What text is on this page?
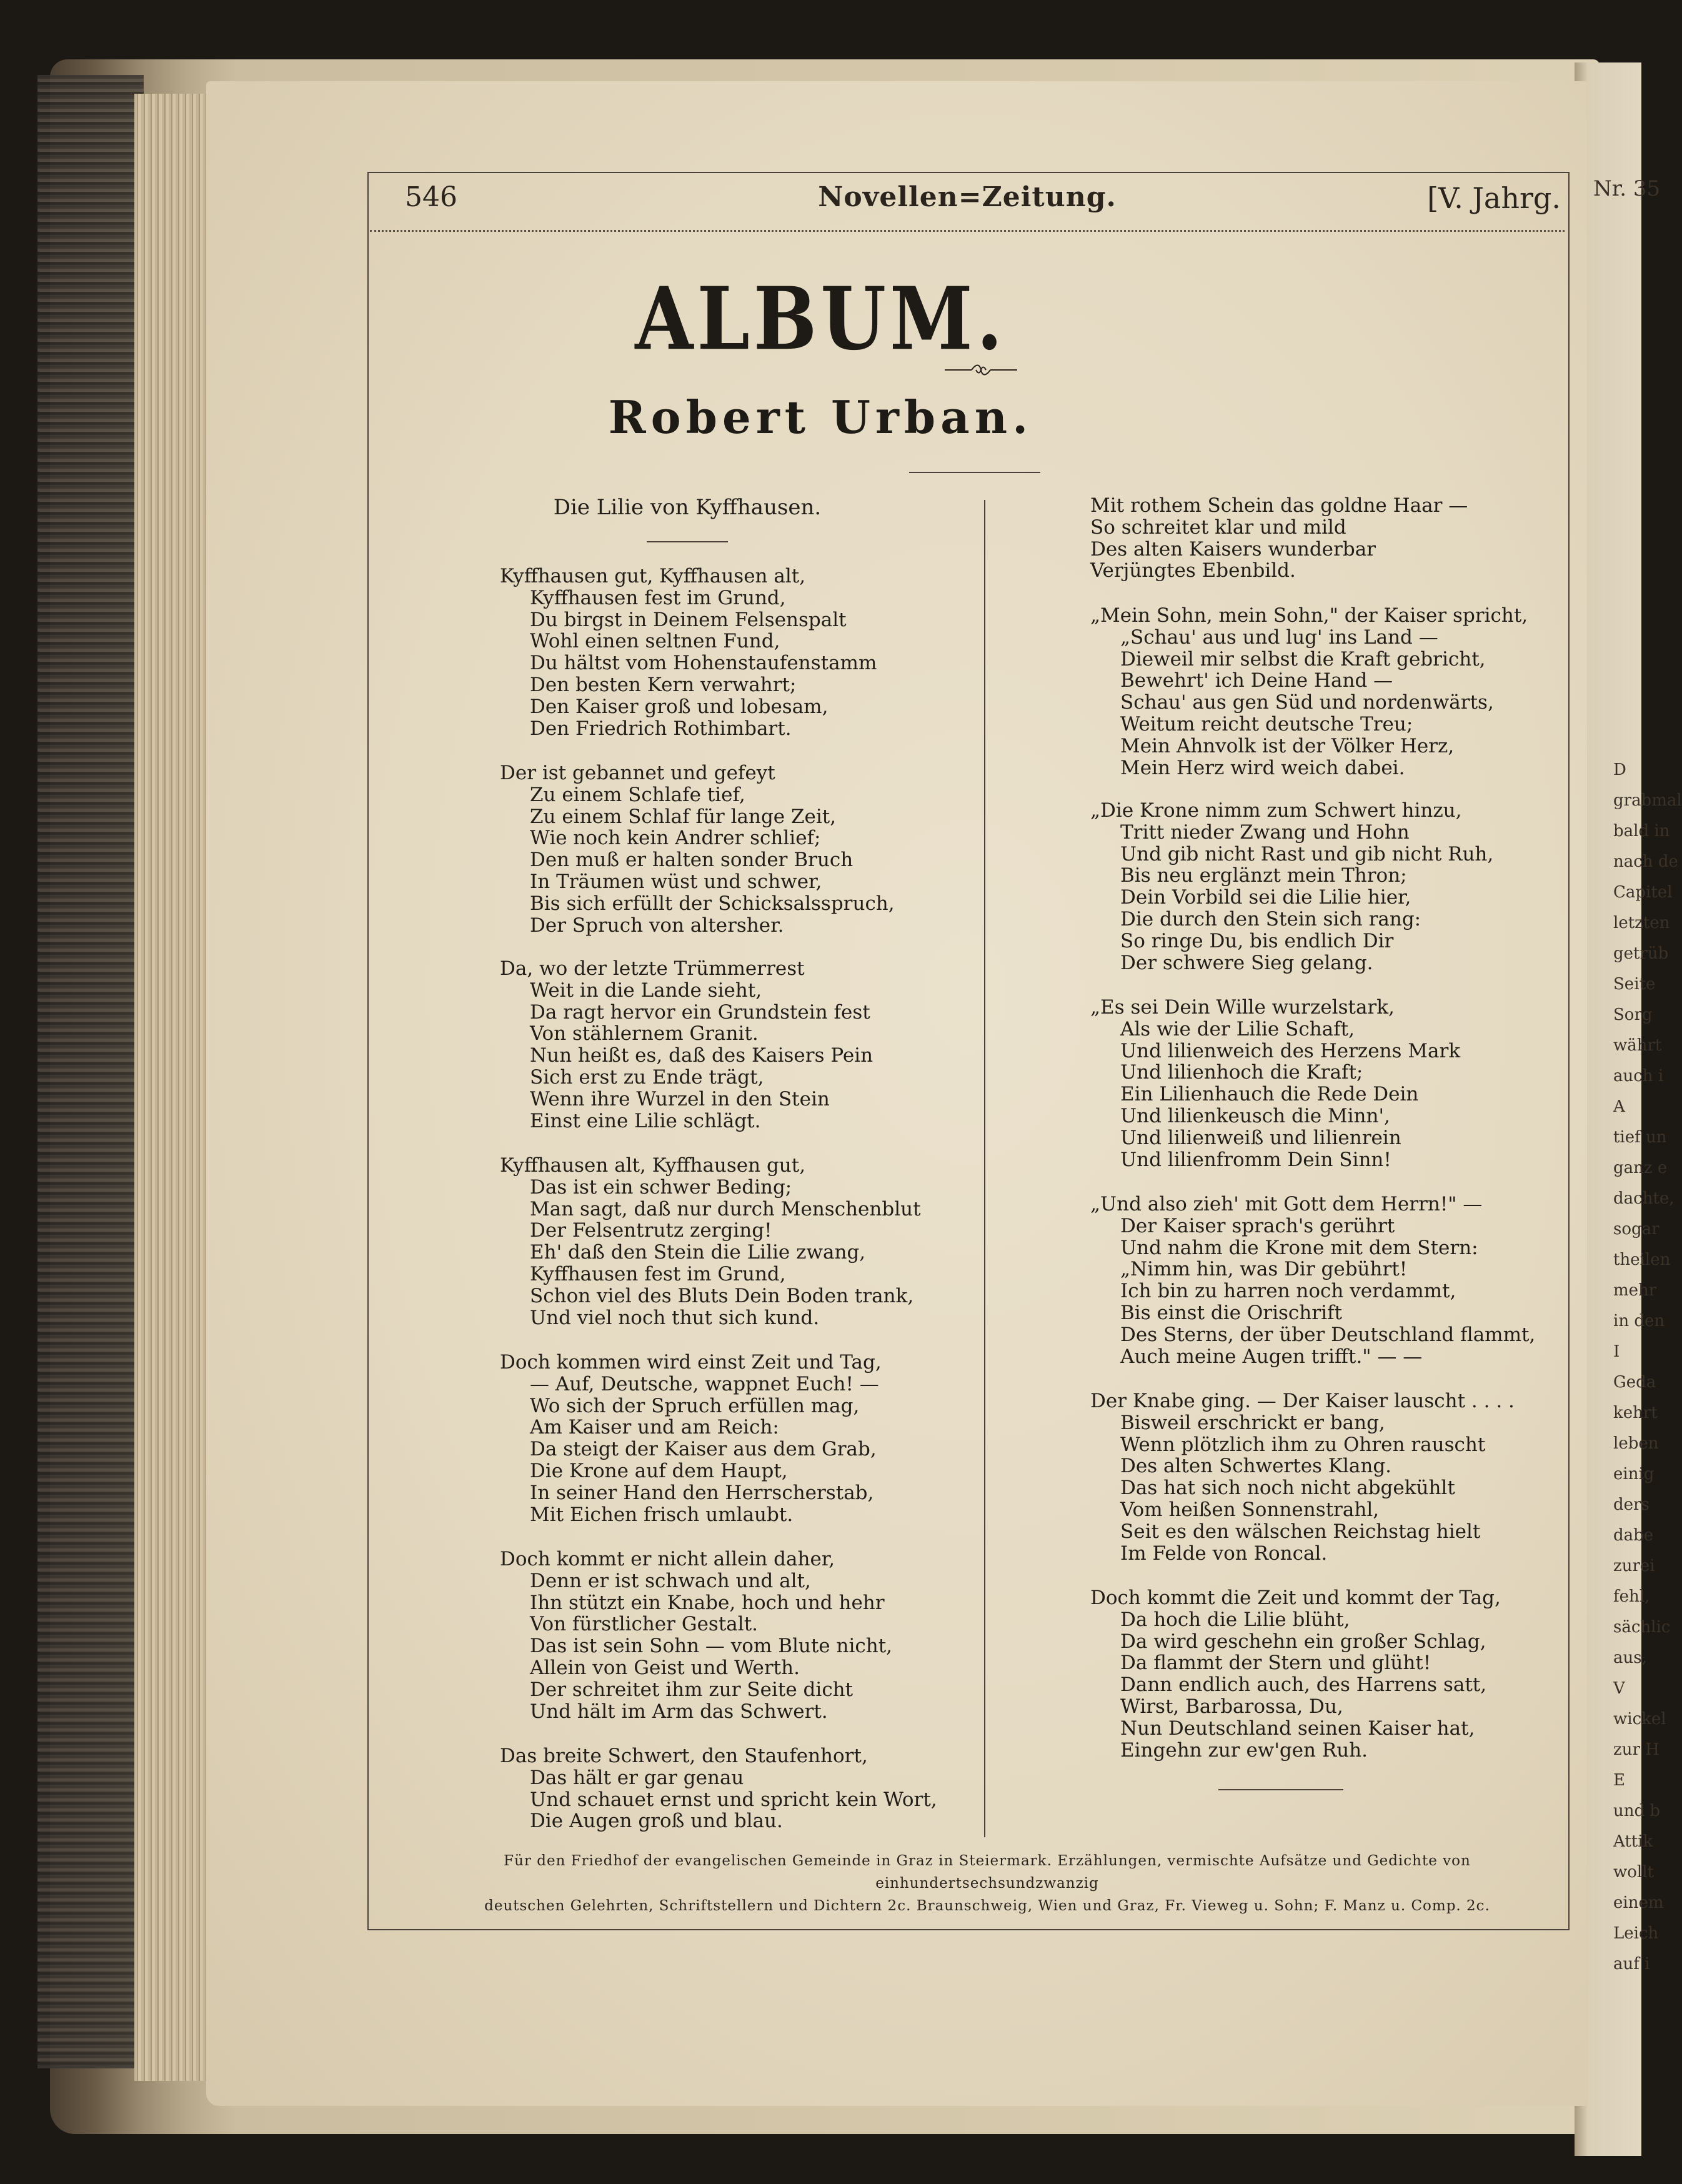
Nr. 35
D
grabmal
bald in
nach de
Capitel
letzten
getrüb
Seite
Sorg
währt
auch i
A
tief un
ganz e
dachte,
sogar
theilen
mehr
in den
I
Geda
kehrt
leben
einig
ders
dabe
zurei
fehl,
sächlic
aus,
V
wickel
zur H
E
und b
Attik
wollt
einem
Leich
auf i
546	Novellen=Zeitung.	[V. Jahrg.
ALBUM.
Robert Urban.
Die Lilie von Kyffhausen.
Kyffhausen gut, Kyffhausen alt,
Kyffhausen fest im Grund,
Du birgst in Deinem Felsenspalt
Wohl einen seltnen Fund,
Du hältst vom Hohenstaufenstamm
Den besten Kern verwahrt;
Den Kaiser groß und lobesam,
Den Friedrich Rothimbart.
Der ist gebannet und gefeyt
Zu einem Schlafe tief,
Zu einem Schlaf für lange Zeit,
Wie noch kein Andrer schlief;
Den muß er halten sonder Bruch
In Träumen wüst und schwer,
Bis sich erfüllt der Schicksalsspruch,
Der Spruch von altersher.
Da, wo der letzte Trümmerrest
Weit in die Lande sieht,
Da ragt hervor ein Grundstein fest
Von stählernem Granit.
Nun heißt es, daß des Kaisers Pein
Sich erst zu Ende trägt,
Wenn ihre Wurzel in den Stein
Einst eine Lilie schlägt.
Kyffhausen alt, Kyffhausen gut,
Das ist ein schwer Beding;
Man sagt, daß nur durch Menschenblut
Der Felsentrutz zerging!
Eh' daß den Stein die Lilie zwang,
Kyffhausen fest im Grund,
Schon viel des Bluts Dein Boden trank,
Und viel noch thut sich kund.
Doch kommen wird einst Zeit und Tag,
— Auf, Deutsche, wappnet Euch! —
Wo sich der Spruch erfüllen mag,
Am Kaiser und am Reich:
Da steigt der Kaiser aus dem Grab,
Die Krone auf dem Haupt,
In seiner Hand den Herrscherstab,
Mit Eichen frisch umlaubt.
Doch kommt er nicht allein daher,
Denn er ist schwach und alt,
Ihn stützt ein Knabe, hoch und hehr
Von fürstlicher Gestalt.
Das ist sein Sohn — vom Blute nicht,
Allein von Geist und Werth.
Der schreitet ihm zur Seite dicht
Und hält im Arm das Schwert.
Das breite Schwert, den Staufenhort,
Das hält er gar genau
Und schauet ernst und spricht kein Wort,
Die Augen groß und blau.
Mit rothem Schein das goldne Haar —
So schreitet klar und mild
Des alten Kaisers wunderbar
Verjüngtes Ebenbild.
„Mein Sohn, mein Sohn," der Kaiser spricht,
„Schau' aus und lug' ins Land —
Dieweil mir selbst die Kraft gebricht,
Bewehrt' ich Deine Hand —
Schau' aus gen Süd und nordenwärts,
Weitum reicht deutsche Treu;
Mein Ahnvolk ist der Völker Herz,
Mein Herz wird weich dabei.
„Die Krone nimm zum Schwert hinzu,
Tritt nieder Zwang und Hohn
Und gib nicht Rast und gib nicht Ruh,
Bis neu erglänzt mein Thron;
Dein Vorbild sei die Lilie hier,
Die durch den Stein sich rang:
So ringe Du, bis endlich Dir
Der schwere Sieg gelang.
„Es sei Dein Wille wurzelstark,
Als wie der Lilie Schaft,
Und lilienweich des Herzens Mark
Und lilienhoch die Kraft;
Ein Lilienhauch die Rede Dein
Und lilienkeusch die Minn',
Und lilienweiß und lilienrein
Und lilienfromm Dein Sinn!
„Und also zieh' mit Gott dem Herrn!" —
Der Kaiser sprach's gerührt
Und nahm die Krone mit dem Stern:
„Nimm hin, was Dir gebührt!
Ich bin zu harren noch verdammt,
Bis einst die Orischrift
Des Sterns, der über Deutschland flammt,
Auch meine Augen trifft." — —
Der Knabe ging. — Der Kaiser lauscht . . . .
Bisweil erschrickt er bang,
Wenn plötzlich ihm zu Ohren rauscht
Des alten Schwertes Klang.
Das hat sich noch nicht abgekühlt
Vom heißen Sonnenstrahl,
Seit es den wälschen Reichstag hielt
Im Felde von Roncal.
Doch kommt die Zeit und kommt der Tag,
Da hoch die Lilie blüht,
Da wird geschehn ein großer Schlag,
Da flammt der Stern und glüht!
Dann endlich auch, des Harrens satt,
Wirst, Barbarossa, Du,
Nun Deutschland seinen Kaiser hat,
Eingehn zur ew'gen Ruh.
Für den Friedhof der evangelischen Gemeinde in Graz in Steiermark. Erzählungen, vermischte Aufsätze und Gedichte von einhundertsechsundzwanzig
deutschen Gelehrten, Schriftstellern und Dichtern 2c. Braunschweig, Wien und Graz, Fr. Vieweg u. Sohn; F. Manz u. Comp. 2c.
